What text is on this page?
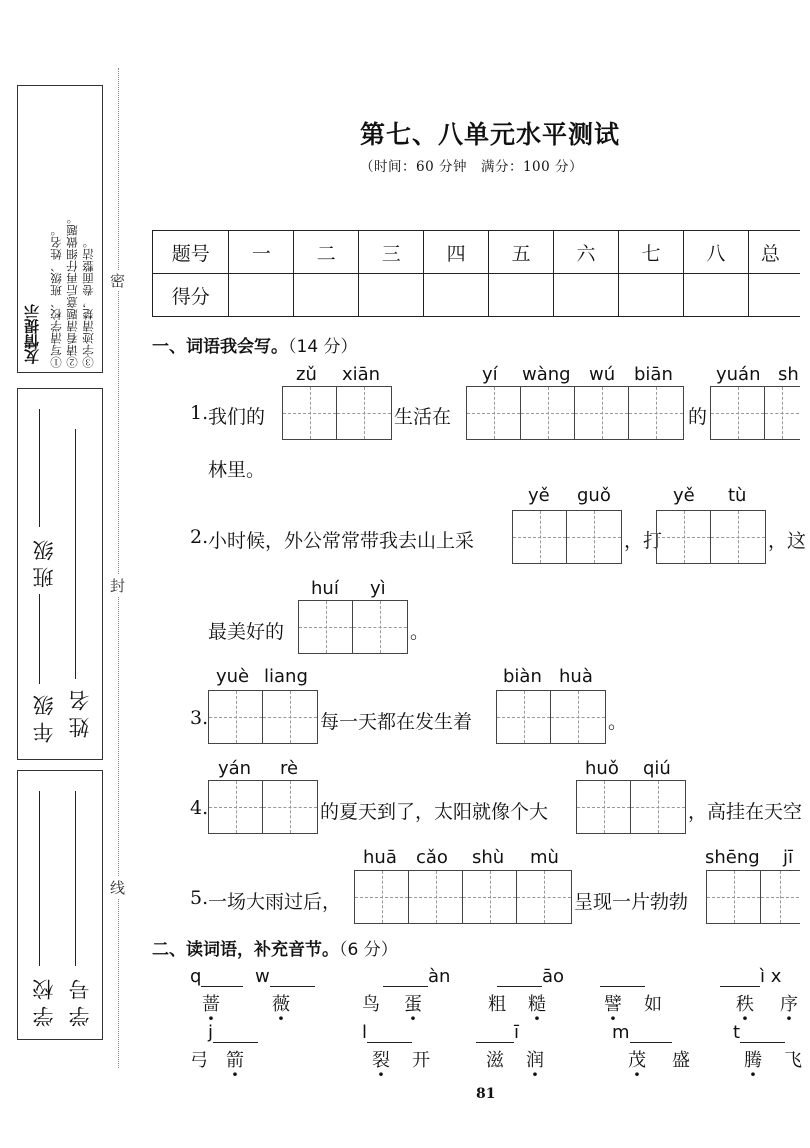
友情提示 ①写清学校、班级、姓名。 ②请看清题意后再仔细做题。 ③字迹清楚，卷面整洁。
班级
年级 姓名
学校 学号
密
封
线
第七、八单元水平测试
（时间：60 分钟　满分：100 分）
题号	一	二	三	四	五	六	七	八	总
得分									
一、词语我会写。（14 分）
zǔ xiān	yí wàng wú biān yuán sh
1. 我们的	生活在	的
林里。
yě guǒ	yě tù
2. 小时候，外公常常带我去山上采	，打	，这
huí yì
最美好的	。
yuè liang	biàn huà
3.	每一天都在发生着	。
yán rè	huǒ qiú
4.	的夏天到了，太阳就像个大	，高挂在天空
huā cǎo shù mù	shēng jī
5. 一场大雨过后，	呈现一片勃勃
二、读词语，补充音节。（6 分）
q	w	àn	āo	ì x
蔷 薇	鸟 蛋	粗 糙	譬 如	秩 序
j	l	ī	m	t
弓 箭	裂 开	滋 润	茂 盛	腾 飞
81
